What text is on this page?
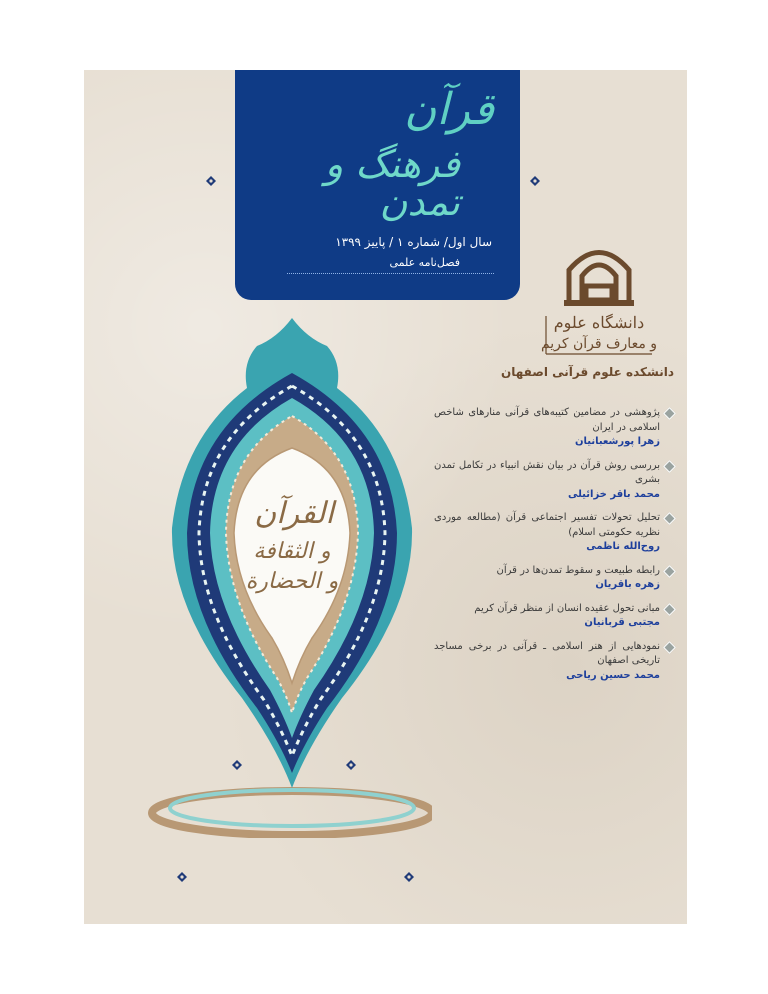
قرآن
فرهنگ و تمدن
سال اول/ شماره ۱ / پاییز ۱۳۹۹
فصل‌نامه علمی
دانشگاه علوم
و معارف قرآن کریم
دانشکده علوم قرآنی اصفهان
القرآن
و الثقافة
و الحضارة
پژوهشی در مضامین کتیبه‌های قرآنی منار‌های شاخص اسلامی در ایران
زهرا پورشعبانیان
بررسی روش قرآن در بیان نقش انبیاء در تکامل تمدن بشری
محمد باقر خزائیلی
تحلیل تحولات تفسیر اجتماعی قرآن (مطالعه موردی نظریه حکومتی اسلام)
روح‌الله ناظمی
رابطه طبیعت و سقوط تمدن‌ها در قرآن
زهره باقریان
مبانی تحول عقیده انسان از منظر قرآن کریم
مجتبی قربانیان
نمودهایی از هنر اسلامی ـ قرآنی در برخی مساجد تاریخی اصفهان
محمد حسین ریاحی
